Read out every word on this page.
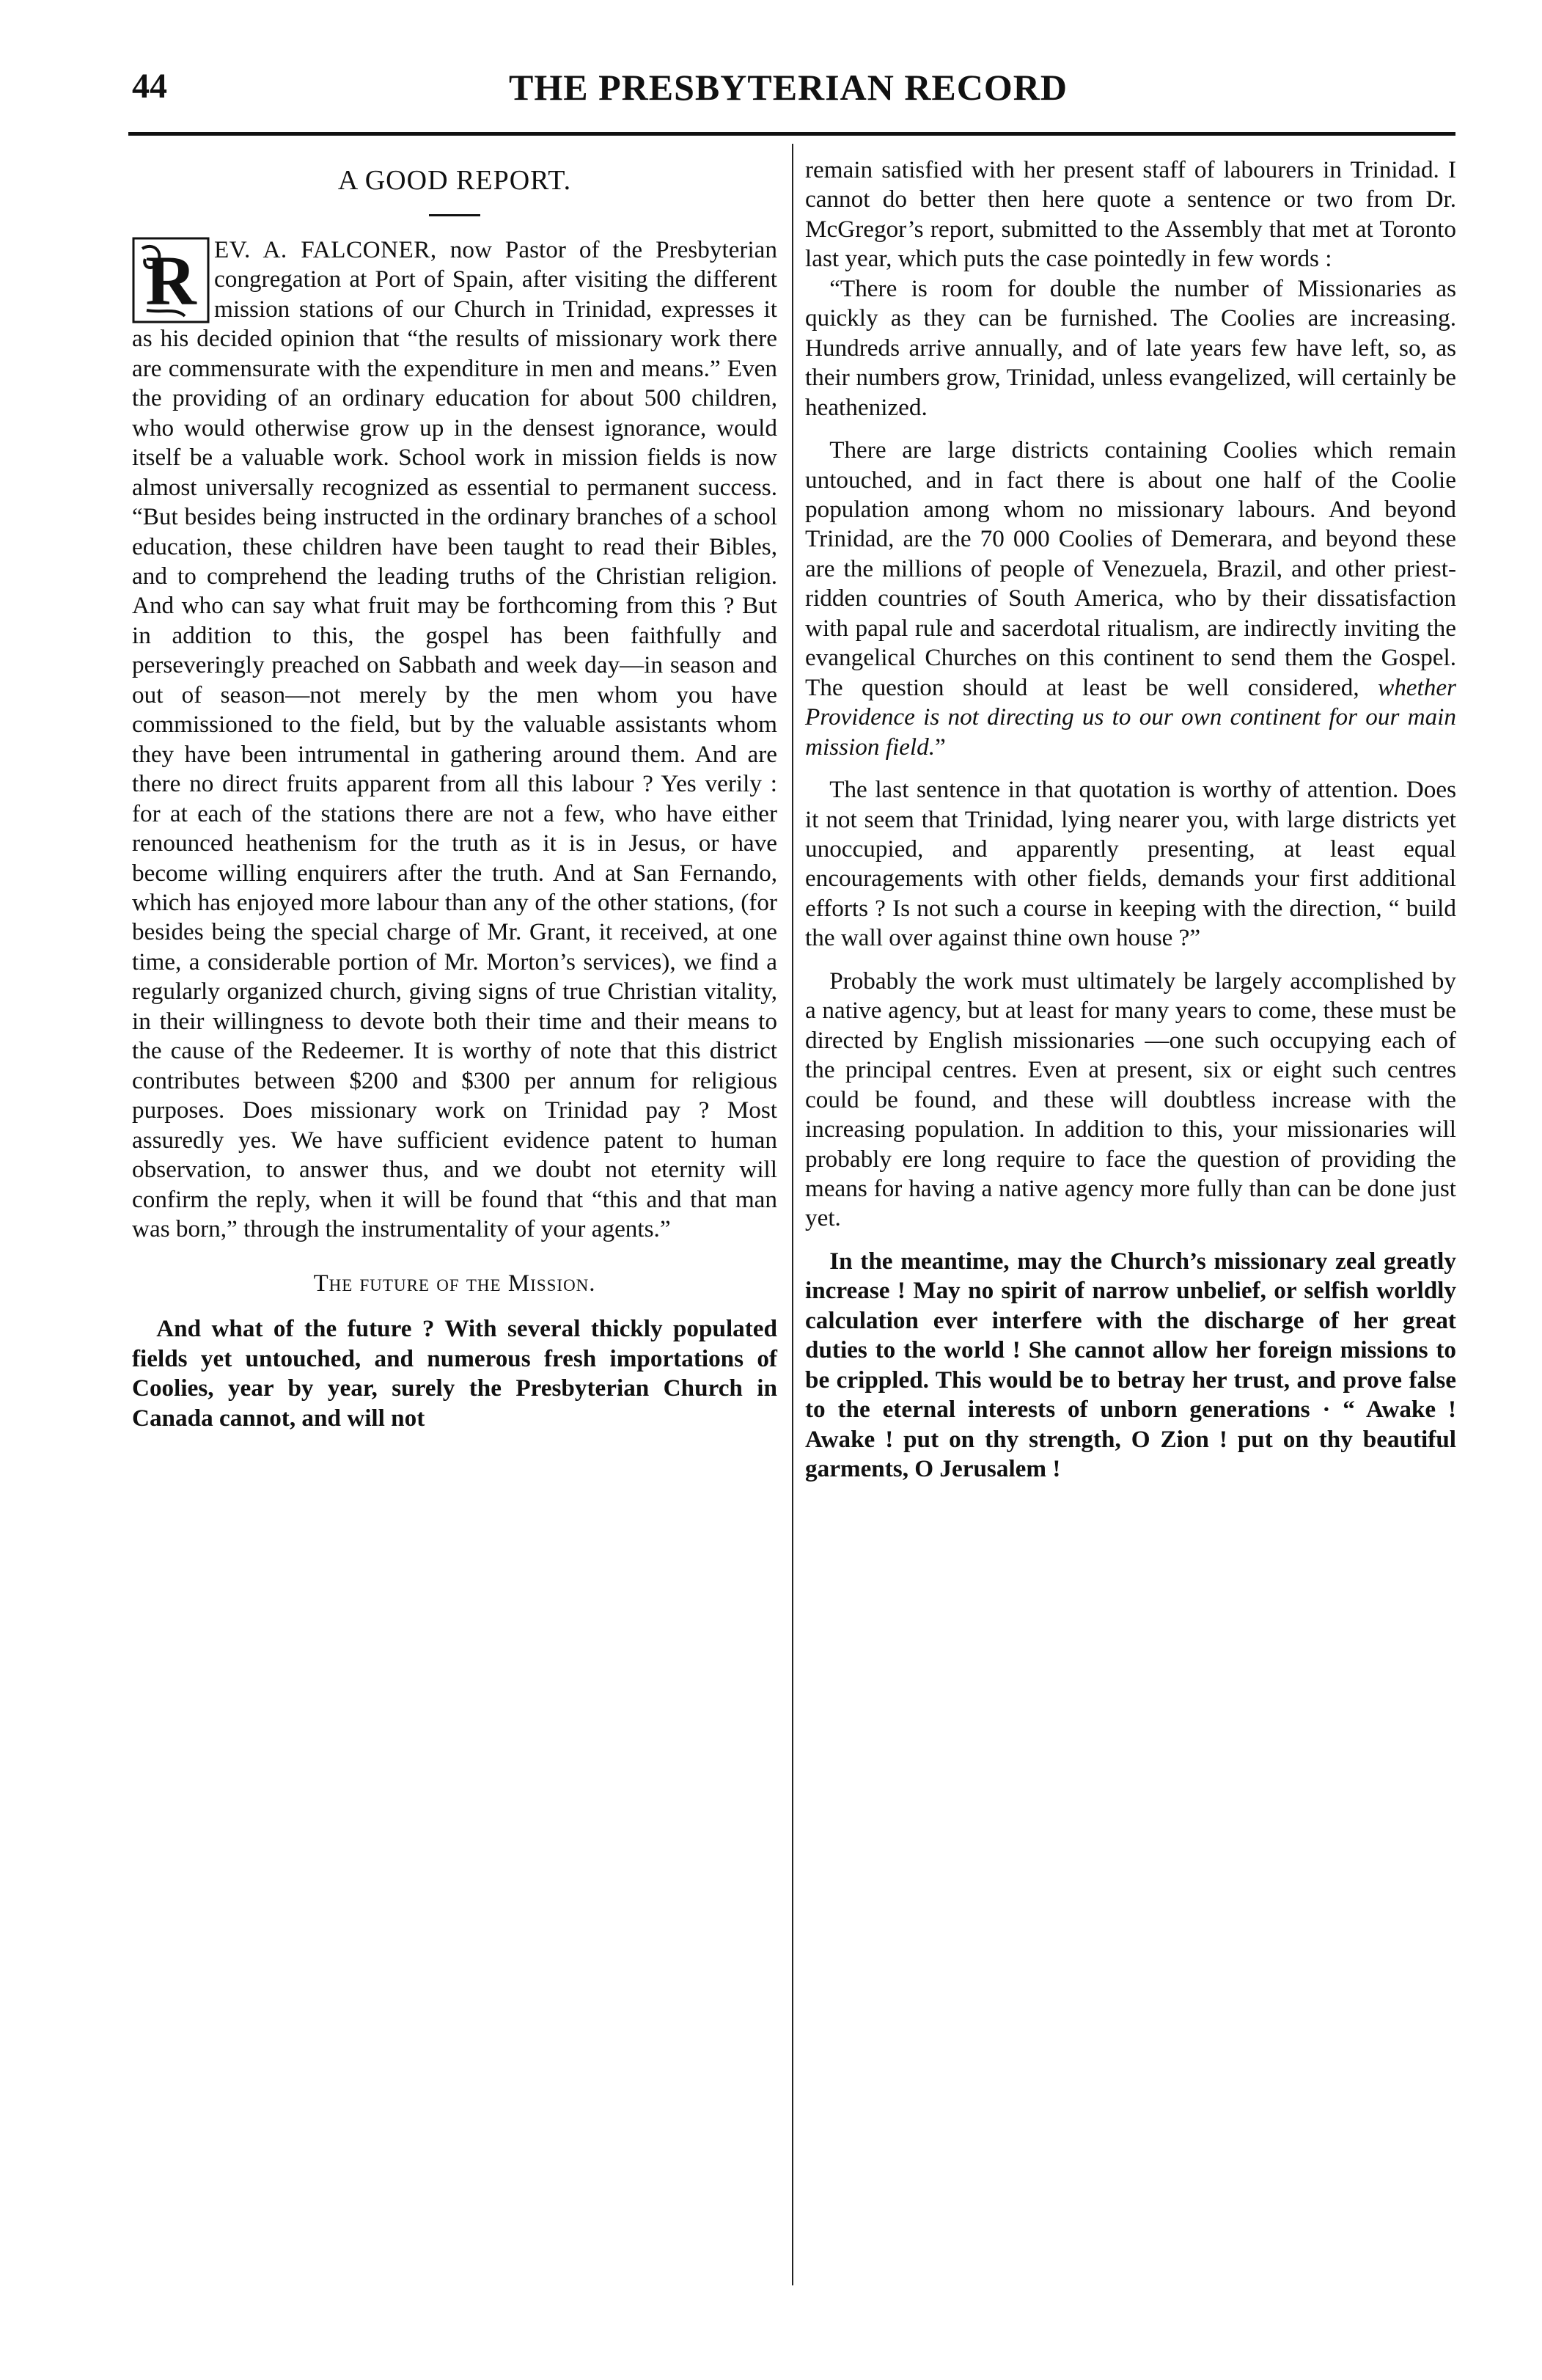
44	THE PRESBYTERIAN RECORD
A GOOD REPORT.

R EV. A. FALCONER, now Pastor of the Presbyterian congregation at Port of Spain, after visiting the different mission stations of our Church in Trinidad, expresses it as his decided opinion that “the results of missionary work there are commensurate with the expenditure in men and means.” Even the providing of an ordinary education for about 500 children, who would otherwise grow up in the densest ignorance, would itself be a valuable work. School work in mission fields is now almost universally recognized as essential to permanent success. “But besides being instructed in the ordinary branches of a school education, these children have been taught to read their Bibles, and to comprehend the leading truths of the Christian religion. And who can say what fruit may be forthcoming from this ? But in addition to this, the gospel has been faithfully and perseveringly preached on Sabbath and week day—in season and out of season—not merely by the men whom you have commissioned to the field, but by the valuable assistants whom they have been intrumental in gathering around them. And are there no direct fruits apparent from all this labour ? Yes verily : for at each of the stations there are not a few, who have either renounced heathenism for the truth as it is in Jesus, or have become willing enquirers after the truth. And at San Fernando, which has enjoyed more labour than any of the other stations, (for besides being the special charge of Mr. Grant, it received, at one time, a considerable portion of Mr. Morton’s services), we find a regularly organized church, giving signs of true Christian vitality, in their willingness to devote both their time and their means to the cause of the Redeemer. It is worthy of note that this district contributes between $200 and $300 per annum for religious purposes. Does missionary work on Trinidad pay ? Most assuredly yes. We have sufficient evidence patent to human observation, to answer thus, and we doubt not eternity will confirm the reply, when it will be found that “this and that man was born,” through the instrumentality of your agents.”

The future of the Mission.

And what of the future ? With several thickly populated fields yet untouched, and numerous fresh importations of Coolies, year by year, surely the Presbyterian Church in Canada cannot, and will not

remain satisfied with her present staff of labourers in Trinidad. I cannot do better then here quote a sentence or two from Dr. McGregor’s report, submitted to the Assembly that met at Toronto last year, which puts the case pointedly in few words :

“There is room for double the number of Missionaries as quickly as they can be furnished. The Coolies are increasing. Hundreds arrive annually, and of late years few have left, so, as their numbers grow, Trinidad, unless evangelized, will certainly be heathenized.

There are large districts containing Coolies which remain untouched, and in fact there is about one half of the Coolie population among whom no missionary labours. And beyond Trinidad, are the 70 000 Coolies of Demerara, and beyond these are the millions of people of Venezuela, Brazil, and other priest-ridden countries of South America, who by their dissatisfaction with papal rule and sacerdotal ritualism, are indirectly inviting the evangelical Churches on this continent to send them the Gospel. The question should at least be well considered, whether Providence is not directing us to our own continent for our main mission field.”

The last sentence in that quotation is worthy of attention. Does it not seem that Trinidad, lying nearer you, with large districts yet unoccupied, and apparently presenting, at least equal encouragements with other fields, demands your first additional efforts ? Is not such a course in keeping with the direction, “ build the wall over against thine own house ?”

Probably the work must ultimately be largely accomplished by a native agency, but at least for many years to come, these must be directed by English missionaries —one such occupying each of the principal centres. Even at present, six or eight such centres could be found, and these will doubtless increase with the increasing population. In addition to this, your missionaries will probably ere long require to face the question of providing the means for having a native agency more fully than can be done just yet.

In the meantime, may the Church’s missionary zeal greatly increase ! May no spirit of narrow unbelief, or selfish worldly calculation ever interfere with the discharge of her great duties to the world ! She cannot allow her foreign missions to be crippled. This would be to betray her trust, and prove false to the eternal interests of unborn generations · “ Awake ! Awake ! put on thy strength, O Zion ! put on thy beautiful garments, O Jerusalem !
